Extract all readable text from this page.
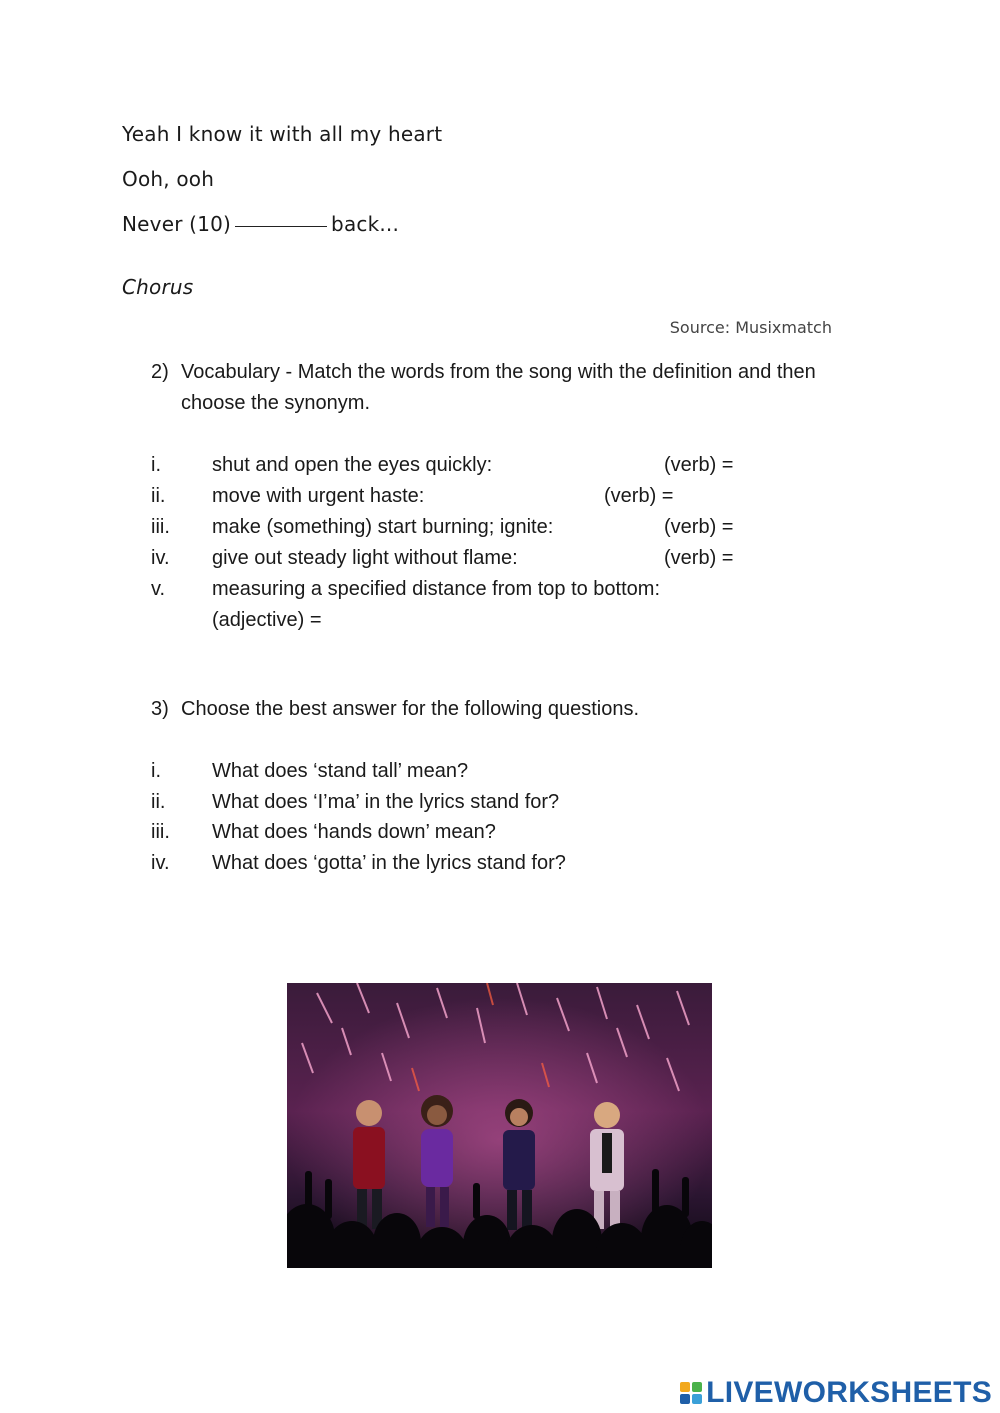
Yeah I know it with all my heart
Ooh, ooh
Never (10)	back...
Chorus
Source: Musixmatch
2) Vocabulary - Match the words from the song with the definition and then choose the synonym.
i.	shut and open the eyes quickly:	(verb) =
ii. move with urgent haste:	(verb) =
iii. make (something) start burning; ignite:	(verb) =
iv. give out steady light without flame:	(verb) =
v. measuring a specified distance from top to bottom:
(adjective) =
3) Choose the best answer for the following questions.
i.	What does ‘stand tall’ mean?
ii. What does ‘I’ma’ in the lyrics stand for?
iii. What does ‘hands down’ mean?
iv. What does ‘gotta’ in the lyrics stand for?
LIVEWORKSHEETS
